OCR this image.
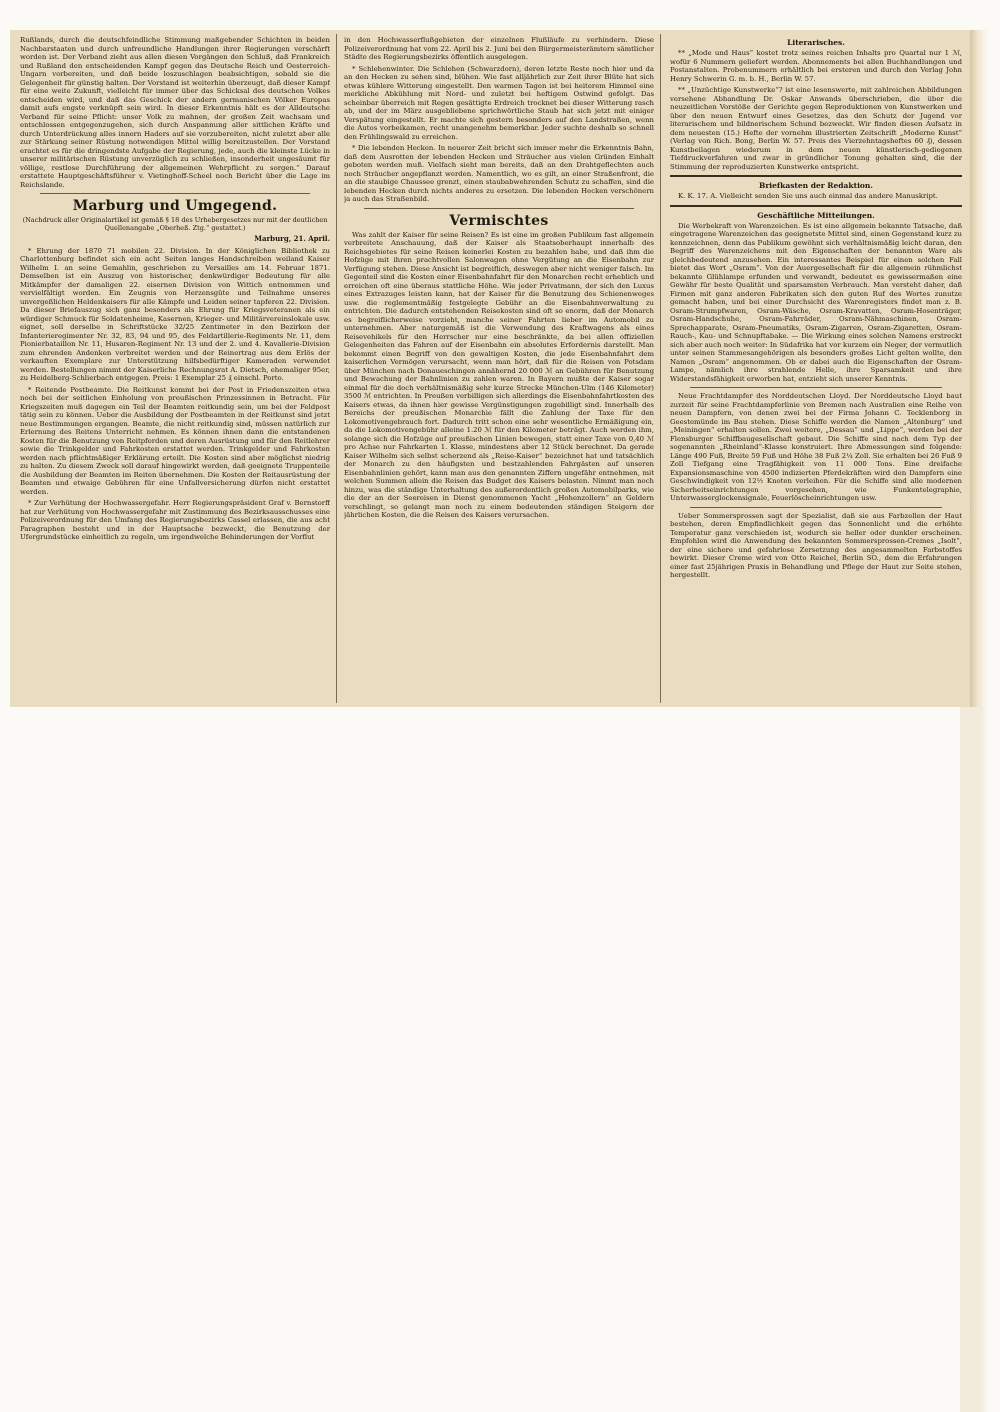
Rußlands, durch die deutschfeindliche Stimmung maßgebender Schichten in beiden Nachbarstaaten und durch unfreundliche Handlungen ihrer Regierungen verschärft worden ist. Der Verband zieht aus allen diesen Vorgängen den Schluß, daß Frankreich und Rußland den entscheidenden Kampf gegen das Deutsche Reich und Oesterreich-Ungarn vorbereiten, und daß beide loszuschlagen beabsichtigen, sobald sie die Gelegenheit für günstig halten. Der Vorstand ist weiterhin überzeugt, daß dieser Kampf für eine weite Zukunft, vielleicht für immer über das Schicksal des deutschen Volkes entscheiden wird, und daß das Geschick der andern germanischen Völker Europas damit aufs engste verknüpft sein wird. In dieser Erkenntnis hält es der Alldeutsche Verband für seine Pflicht: unser Volk zu mahnen, der großen Zeit wachsam und entschlossen entgegenzugehen, sich durch Anspannung aller sittlichen Kräfte und durch Unterdrückung alles innern Haders auf sie vorzubereiten, nicht zuletzt aber alle zur Stärkung seiner Rüstung notwendigen Mittel willig bereitzustellen. Der Vorstand erachtet es für die dringendste Aufgabe der Regierung, jede, auch die kleinste Lücke in unserer militärischen Rüstung unverzüglich zu schließen, insonderheit ungesäumt für völlige, restlose Durchführung der allgemeinen Wehrpflicht zu sorgen.“ Darauf erstattete Hauptgeschäftsführer v. Vietinghoff-Scheel noch Bericht über die Lage im Reichslande.

Marburg und Umgegend.

(Nachdruck aller Originalartikel ist gemäß § 18 des Urhebergesetzes nur mit der deutlichen Quellenangabe „Oberheß. Ztg.“ gestattet.)

Marburg, 21. April.

* Ehrung der 1870 71 mobilen 22. Division. In der Königlichen Bibliothek zu Charlottenburg befindet sich ein acht Seiten langes Handschreiben weiland Kaiser Wilhelm I. an seine Gemahlin, geschrieben zu Versailles am 14. Februar 1871. Demselben ist ein Auszug von historischer, denkwürdiger Bedeutung für alle Mitkämpfer der damaligen 22. eisernen Division von Wittich entnommen und vervielfältigt worden. Ein Zeugnis von Herzensgüte und Teilnahme unseres unvergeßlichen Heldenkaisers für alle Kämpfe und Leiden seiner tapferen 22. Division. Da dieser Briefauszug sich ganz besonders als Ehrung für Kriegsveteranen als ein würdiger Schmuck für Soldatenheime, Kasernen, Krieger- und Militärvereinslokale usw. eignet, soll derselbe in Schriftstücke 32/25 Zentimeter in den Bezirken der Infanterieregimenter Nr. 32, 83, 94 und 95, des Feldartillerie-Regiments Nr. 11, dem Pionierbataillon Nr. 11, Husaren-Regiment Nr. 13 und der 2. und 4. Kavallerie-Division zum ehrenden Andenken verbreitet werden und der Reinertrag aus dem Erlös der verkauften Exemplare zur Unterstützung hilfsbedürftiger Kameraden verwendet werden. Bestellungen nimmt der Kaiserliche Rechnungsrat A. Dietsch, ehemaliger 95er, zu Heidelberg-Schlierbach entgegen. Preis: 1 Exemplar 25 ₰ einschl. Porto.

* Reitende Postbeamte. Die Reitkunst kommt bei der Post in Friedenszeiten etwa noch bei der seitlichen Einholung von preußischen Prinzessinnen in Betracht. Für Kriegszeiten muß dagegen ein Teil der Beamten reitkundig sein, um bei der Feldpost tätig sein zu können. Ueber die Ausbildung der Postbeamten in der Reitkunst sind jetzt neue Bestimmungen ergangen. Beamte, die nicht reitkundig sind, müssen natürlich zur Erlernung des Reitens Unterricht nehmen. Es können ihnen dann die entstandenen Kosten für die Benutzung von Reitpferden und deren Ausrüstung und für den Reitlehrer sowie die Trinkgelder und Fahrkosten erstattet werden. Trinkgelder und Fahrkosten werden nach pflichtmäßiger Erklärung erteilt. Die Kosten sind aber möglichst niedrig zu halten. Zu diesem Zweck soll darauf hingewirkt werden, daß geeignete Truppenteile die Ausbildung der Beamten im Reiten übernehmen. Die Kosten der Reitausrüstung der Beamten und etwaige Gebühren für eine Unfallversicherung dürfen nicht erstattet werden.

* Zur Verhütung der Hochwassergefahr. Herr Regierungspräsident Graf v. Bernstorff hat zur Verhütung von Hochwassergefahr mit Zustimmung des Bezirksausschusses eine Polizeiverordnung für den Umfang des Regierungsbezirks Cassel erlassen, die aus acht Paragraphen besteht und in der Hauptsache bezweckt, die Benutzung der Ufergrundstücke einheitlich zu regeln, um irgendwelche Behinderungen der Vorflut

in den Hochwasserflußgebieten der einzelnen Flußläufe zu verhindern. Diese Polizeiverordnung hat vom 22. April bis 2. Juni bei den Bürgermeisterämtern sämtlicher Städte des Regierungsbezirks öffentlich ausgelegen.

* Schlehenwinter. Die Schlehen (Schwarzdorn), deren letzte Reste noch hier und da an den Hecken zu sehen sind, blühen. Wie fast alljährlich zur Zeit ihrer Blüte hat sich etwas kühlere Witterung eingestellt. Den warmen Tagen ist bei heiterem Himmel eine merkliche Abkühlung mit Nord- und zuletzt bei heftigem Ostwind gefolgt. Das scheinbar überreich mit Regen gesättigte Erdreich trocknet bei dieser Witterung rasch ab, und der im März ausgebliebene sprichwörtliche Staub hat sich jetzt mit einiger Verspätung eingestellt. Er machte sich gestern besonders auf den Landstraßen, wenn die Autos vorbeikamen, recht unangenehm bemerkbar. Jeder suchte deshalb so schnell den Frühlingswald zu erreichen.

* Die lebenden Hecken. In neuerer Zeit bricht sich immer mehr die Erkenntnis Bahn, daß dem Ausrotten der lebenden Hecken und Sträucher aus vielen Gründen Einhalt geboten werden muß. Vielfach sieht man bereits, daß an den Drahtgeflechten auch noch Sträucher angepflanzt werden. Namentlich, wo es gilt, an einer Straßenfront, die an die staubige Chaussee grenzt, einen staubabwehrenden Schutz zu schaffen, sind die lebenden Hecken durch nichts anderes zu ersetzen. Die lebenden Hecken verschönern ja auch das Straßenbild.

Vermischtes

Was zahlt der Kaiser für seine Reisen? Es ist eine im großen Publikum fast allgemein verbreitete Anschauung, daß der Kaiser als Staatsoberhaupt innerhalb des Reichsgebietes für seine Reisen keinerlei Kosten zu bezahlen habe, und daß ihm die Hofzüge mit ihren prachtvollen Salonwagen ohne Vergütung an die Eisenbahn zur Verfügung stehen. Diese Ansicht ist begreiflich, deswegen aber nicht weniger falsch. Im Gegenteil sind die Kosten einer Eisenbahnfahrt für den Monarchen recht erheblich und erreichen oft eine überaus stattliche Höhe. Wie jeder Privatmann, der sich den Luxus eines Extrazuges leisten kann, hat der Kaiser für die Benutzung des Schienenweges usw. die reglementmäßig festgelegte Gebühr an die Eisenbahnverwaltung zu entrichten. Die dadurch entstehenden Reisekosten sind oft so enorm, daß der Monarch es begreiflicherweise vorzieht, manche seiner Fahrten lieber im Automobil zu unternehmen. Aber naturgemäß ist die Verwendung des Kraftwagens als eines Reisevehikels für den Herrscher nur eine beschränkte, da bei allen offiziellen Gelegenheiten das Fahren auf der Eisenbahn ein absolutes Erfordernis darstellt. Man bekommt einen Begriff von den gewaltigen Kosten, die jede Eisenbahnfahrt dem kaiserlichen Vermögen verursacht, wenn man hört, daß für die Reisen von Potsdam über München nach Donaueschingen annähernd 20 000 ℳ an Gebühren für Benutzung und Bewachung der Bahnlinien zu zahlen waren. In Bayern mußte der Kaiser sogar einmal für die doch verhältnismäßig sehr kurze Strecke München-Ulm (146 Kilometer) 3500 ℳ entrichten. In Preußen verbilligen sich allerdings die Eisenbahnfahrtkosten des Kaisers etwas, da ihnen hier gewisse Vergünstigungen zugebilligt sind. Innerhalb des Bereichs der preußischen Monarchie fällt die Zahlung der Taxe für den Lokomotivengebrauch fort. Dadurch tritt schon eine sehr wesentliche Ermäßigung ein, da die Lokomotivengebühr alleine 1.20 ℳ für den Kilometer beträgt. Auch werden ihm, solange sich die Hofzüge auf preußischen Linien bewegen, statt einer Taxe von 0,40 ℳ pro Achse nur Fahrkarten 1. Klasse, mindestens aber 12 Stück berechnet. Da gerade Kaiser Wilhelm sich selbst scherzend als „Reise-Kaiser“ bezeichnet hat und tatsächlich der Monarch zu den häufigsten und bestzahlenden Fahrgästen auf unseren Eisenbahnlinien gehört, kann man aus den genannten Ziffern ungefähr entnehmen, mit welchen Summen allein die Reisen das Budget des Kaisers belasten. Nimmt man noch hinzu, was die ständige Unterhaltung des außerordentlich großen Automobilparks, wie die der an der Seereisen in Dienst genommenen Yacht „Hohenzollern“ an Geldern verschlingt, so gelangt man noch zu einem bedeutenden ständigen Steigern der jährlichen Kosten, die die Reisen des Kaisers verursachen.

Literarisches.

** „Mode und Haus“ kostet trotz seines reichen Inhalts pro Quartal nur 1 ℳ, wofür 6 Nummern geliefert werden. Abonnements bei allen Buchhandlungen und Postanstalten. Probenummern erhältlich bei ersteren und durch den Verlag John Henry Schwerin G. m. b. H., Berlin W. 57.

** „Unzüchtige Kunstwerke“? ist eine lesenswerte, mit zahlreichen Abbildungen versehene Abhandlung Dr. Oskar Anwands überschrieben, die über die neuzeitlichen Vorstöße der Gerichte gegen Reproduktionen von Kunstwerken und über den neuen Entwurf eines Gesetzes, das den Schutz der Jugend vor literarischem und bildnerischem Schund bezweckt. Wir finden diesen Aufsatz in dem neuesten (15.) Hefte der vornehm illustrierten Zeitschrift „Moderne Kunst“ (Verlag von Rich. Bong, Berlin W. 57. Preis des Vierzehntagsheftes 60 ₰), dessen Kunstbeilagen wiederum in dem neuen künstlerisch-gediegenen Tiefdruckverfahren und zwar in gründlicher Tonung gehalten sind, die der Stimmung der reproduzierten Kunstwerke entspricht.

Briefkasten der Redaktion.

K. K. 17. A. Vielleicht senden Sie uns auch einmal das andere Manuskript.

Geschäftliche Mitteilungen.

Die Werbekraft von Warenzeichen. Es ist eine allgemein bekannte Tatsache, daß eingetragene Warenzeichen das geeignetste Mittel sind, einen Gegenstand kurz zu kennzeichnen, denn das Publikum gewöhnt sich verhältnismäßig leicht daran, den Begriff des Warenzeichens mit den Eigenschaften der benannten Ware als gleichbedeutend anzusehen. Ein interessantes Beispiel für einen solchen Fall bietet das Wort „Osram“. Von der Auergesellschaft für die allgemein rühmlichst bekannte Glühlampe erfunden und verwandt, bedeutet es gewissermaßen eine Gewähr für beste Qualität und sparsamsten Verbrauch. Man versteht daher, daß Firmen mit ganz anderen Fabrikaten sich den guten Ruf des Wortes zunutze gemacht haben, und bei einer Durchsicht des Warenregisters findet man z. B. Osram-Strumpfwaren, Osram-Wäsche, Osram-Kravatten, Osram-Hosenträger, Osram-Handschuhe, Osram-Fahrräder, Osram-Nähmaschinen, Osram-Sprechapparate, Osram-Pneumatiks, Osram-Zigarren, Osram-Zigaretten, Osram-Rauch-, Kau- und Schnupftabake. — Die Wirkung eines solchen Namens erstreckt sich aber auch noch weiter: In Südafrika hat vor kurzem ein Neger, der vermutlich unter seinen Stammesangehörigen als besonders großes Licht gelten wollte, den Namen „Osram“ angenommen. Ob er dabei auch die Eigenschaften der Osram-Lampe, nämlich ihre strahlende Helle, ihre Sparsamkeit und ihre Widerstandsfähigkeit erworben hat, entzieht sich unserer Kenntnis.

Neue Frachtdampfer des Norddeutschen Lloyd. Der Norddeutsche Lloyd baut zurzeit für seine Frachtdampferlinie von Bremen nach Australien eine Reihe von neuen Dampfern, von denen zwei bei der Firma Johann C. Tecklenborg in Geestemünde im Bau stehen. Diese Schiffe werden die Namen „Altenburg“ und „Meiningen“ erhalten sollen. Zwei weitere, „Dessau“ und „Lippe“, werden bei der Flensburger Schiffbaugesellschaft gebaut. Die Schiffe sind nach dem Typ der sogenannten „Rheinland“-Klasse konstruiert. Ihre Abmessungen sind folgende: Länge 490 Fuß, Breite 59 Fuß und Höhe 38 Fuß 2¼ Zoll. Sie erhalten bei 26 Fuß 9 Zoll Tiefgang eine Tragfähigkeit von 11 000 Tons. Eine dreifache Expansionsmaschine von 4500 indizierten Pferdekräften wird den Dampfern eine Geschwindigkeit von 12½ Knoten verleihen. Für die Schiffe sind alle modernen Sicherheitseinrichtungen vorgesehen, wie Funkentelegraphie, Unterwasserglockensignale, Feuerlöscheinrichtungen usw.

Ueber Sommersprossen sagt der Spezialist, daß sie aus Farbzellen der Haut bestehen, deren Empfindlichkeit gegen das Sonnenlicht und die erhöhte Temperatur ganz verschieden ist, wodurch sie heller oder dunkler erscheinen. Empfohlen wird die Anwendung des bekannten Sommersprossen-Cremes „Isolt“, der eine sichere und gefahrlose Zersetzung des angesammelten Farbstoffes bewirkt. Dieser Creme wird von Otto Reichel, Berlin SO., dem die Erfahrungen einer fast 25jährigen Praxis in Behandlung und Pflege der Haut zur Seite stehen, hergestellt.
